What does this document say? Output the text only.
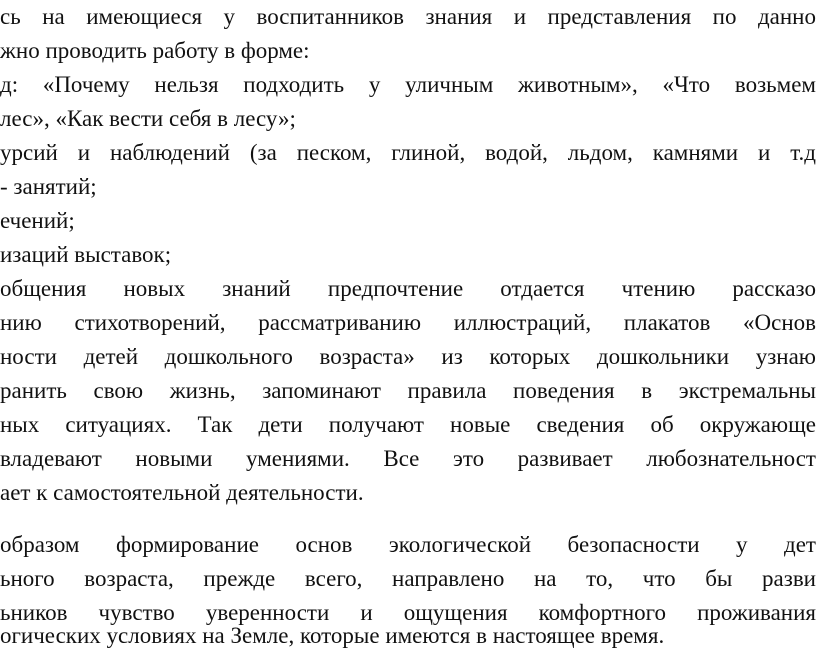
сь на имеющиеся у воспитанников знания и представления по данно
жно проводить работу в форме:
д: «Почему нельзя подходить у уличным животным», «Что возьмем
лес», «Как вести себя в лесу»;
урсий и наблюдений (за песком, глиной, водой, льдом, камнями и т.д
- занятий;
ечений;
изаций выставок;
общения новых знаний предпочтение отдается чтению рассказо
нию стихотворений, рассматриванию иллюстраций, плакатов «Основ
ности детей дошкольного возраста» из которых дошкольники узнаю
ранить свою жизнь, запоминают правила поведения в экстремальны
ных ситуациях. Так дети получают новые сведения об окружающе
владевают новыми умениями. Все это развивает любознательност
ает к самостоятельной деятельности.
образом формирование основ экологической безопасности у дет
ьного возраста, прежде всего, направлено на то, что бы разви
ьников чувство уверенности и ощущения комфортного проживания
огических условиях на Земле, которые имеются в настоящее время.
